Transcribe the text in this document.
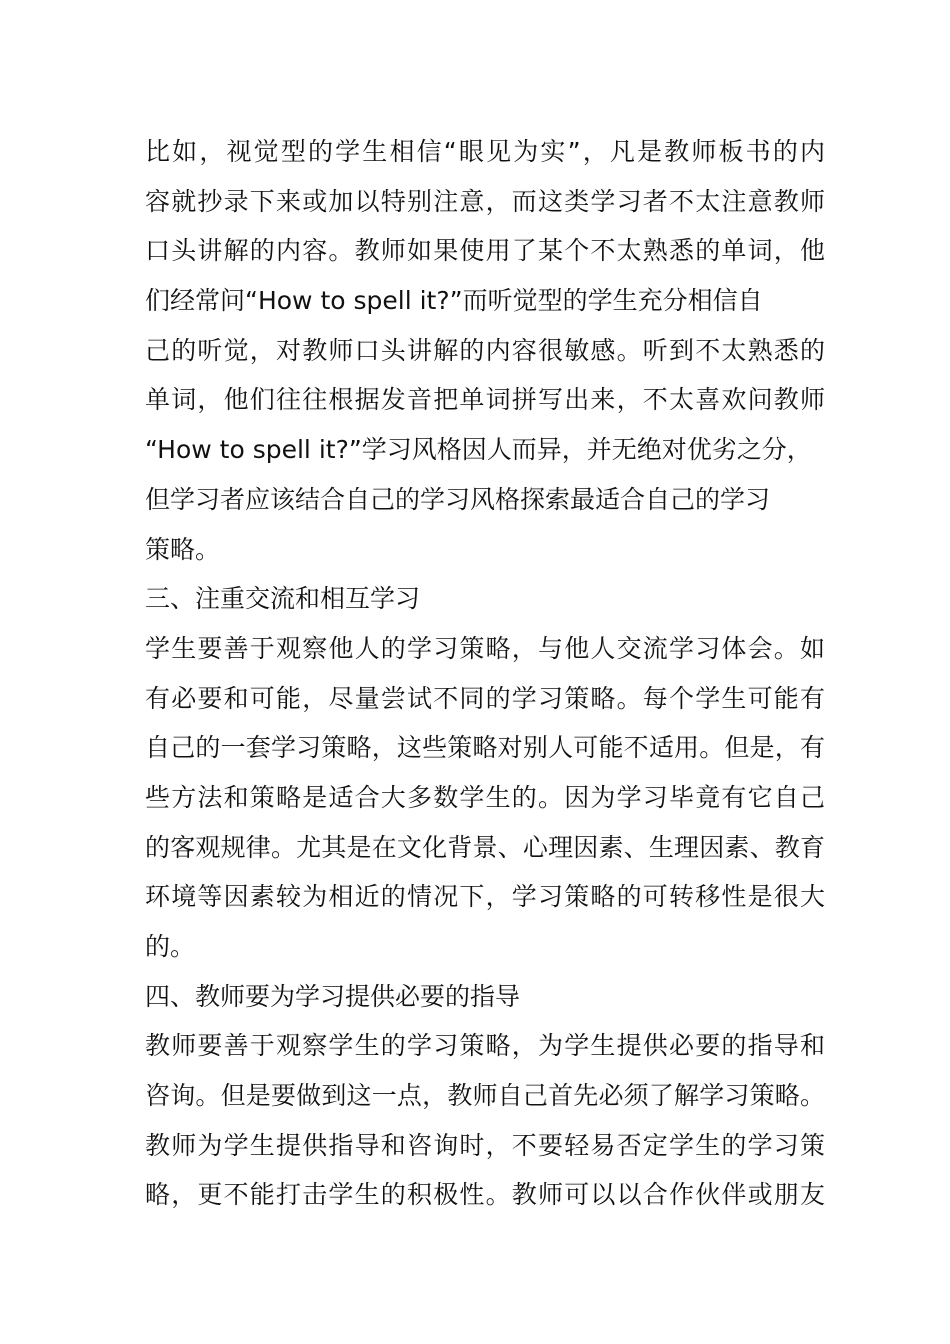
比如，视觉型的学生相信“眼见为实”，凡是教师板书的内
容就抄录下来或加以特别注意，而这类学习者不太注意教师
口头讲解的内容。教师如果使用了某个不太熟悉的单词，他
们经常问“How to spell it?”而听觉型的学生充分相信自
己的听觉，对教师口头讲解的内容很敏感。听到不太熟悉的
单词，他们往往根据发音把单词拼写出来，不太喜欢问教师
“How to spell it?”学习风格因人而异，并无绝对优劣之分，
但学习者应该结合自己的学习风格探索最适合自己的学习
策略。
三、注重交流和相互学习
学生要善于观察他人的学习策略，与他人交流学习体会。如
有必要和可能，尽量尝试不同的学习策略。每个学生可能有
自己的一套学习策略，这些策略对别人可能不适用。但是，有
些方法和策略是适合大多数学生的。因为学习毕竟有它自己
的客观规律。尤其是在文化背景、心理因素、生理因素、教育
环境等因素较为相近的情况下，学习策略的可转移性是很大
的。
四、教师要为学习提供必要的指导
教师要善于观察学生的学习策略，为学生提供必要的指导和
咨询。但是要做到这一点，教师自己首先必须了解学习策略。
教师为学生提供指导和咨询时，不要轻易否定学生的学习策
略，更不能打击学生的积极性。教师可以以合作伙伴或朋友
